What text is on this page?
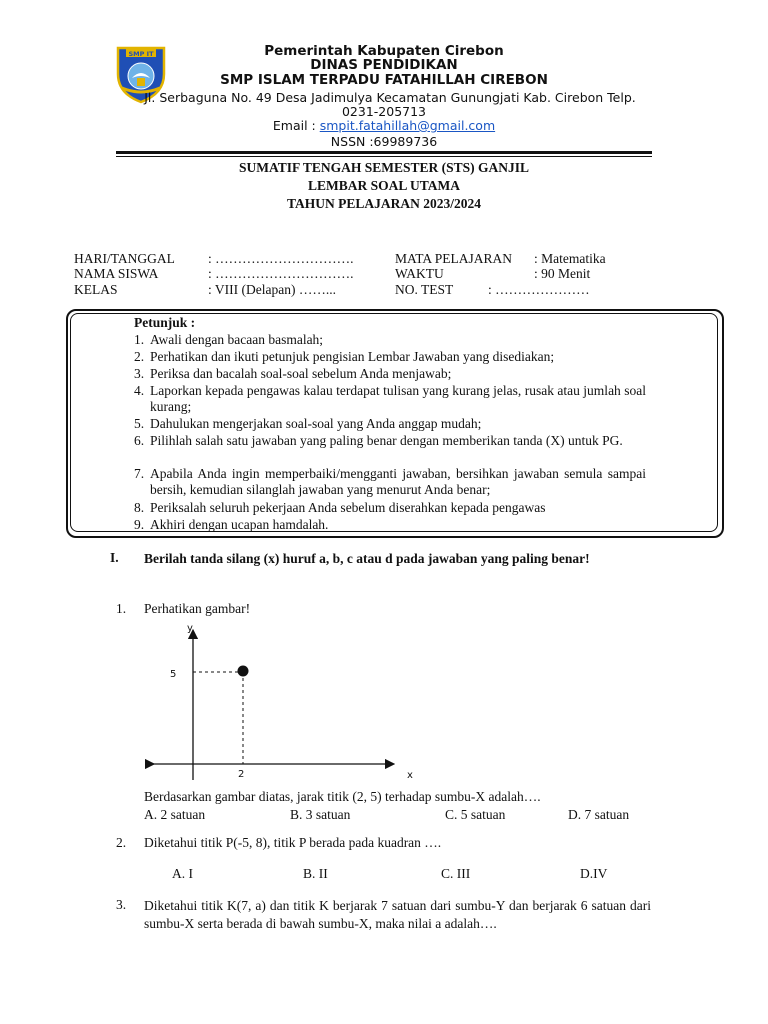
SMP IT	Pemerintah Kabupaten Cirebon
DINAS PENDIDIKAN
SMP ISLAM TERPADU FATAHILLAH CIREBON
Jl. Serbaguna No. 49 Desa Jadimulya Kecamatan Gunungjati Kab. Cirebon Telp.
0231-205713
Email : smpit.fatahillah@gmail.com
NSSN :69989736
SUMATIF TENGAH SEMESTER (STS) GANJIL
LEMBAR SOAL UTAMA
TAHUN PELAJARAN 2023/2024
HARI/TANGGAL : ………………………….
NAMA SISWA	: ………………………….
KELAS	: VIII (Delapan) ……...
MATA PELAJARAN : Matematika
WAKTU	: 90 Menit
NO. TEST	: …………………
Petunjuk :
1. Awali dengan bacaan basmalah;
2. Perhatikan dan ikuti petunjuk pengisian Lembar Jawaban yang disediakan;
3. Periksa dan bacalah soal-soal sebelum Anda menjawab;
4. Laporkan kepada pengawas kalau terdapat tulisan yang kurang jelas, rusak atau jumlah soal kurang;
5. Dahulukan mengerjakan soal-soal yang Anda anggap mudah;
6. Pilihlah salah satu jawaban yang paling benar dengan memberikan tanda (X) untuk PG.
7. Apabila Anda ingin memperbaiki/mengganti jawaban, bersihkan jawaban semula sampai bersih, kemudian silanglah jawaban yang menurut Anda benar;
8. Periksalah seluruh pekerjaan Anda sebelum diserahkan kepada pengawas
9. Akhiri dengan ucapan hamdalah.
I. Berilah tanda silang (x) huruf a, b, c atau d pada jawaban yang paling benar!
1. Perhatikan gambar!
y
x
5
2
Berdasarkan gambar diatas, jarak titik (2, 5) terhadap sumbu-X adalah….
A. 2 satuan	B. 3 satuan	C. 5 satuan	D. 7 satuan
2. Diketahui titik P(-5, 8), titik P berada pada kuadran ….
A. I	B. II	C. III	D.IV
3. Diketahui titik K(7, a) dan titik K berjarak 7 satuan dari sumbu-Y dan berjarak 6 satuan dari sumbu-X serta berada di bawah sumbu-X, maka nilai a adalah….
